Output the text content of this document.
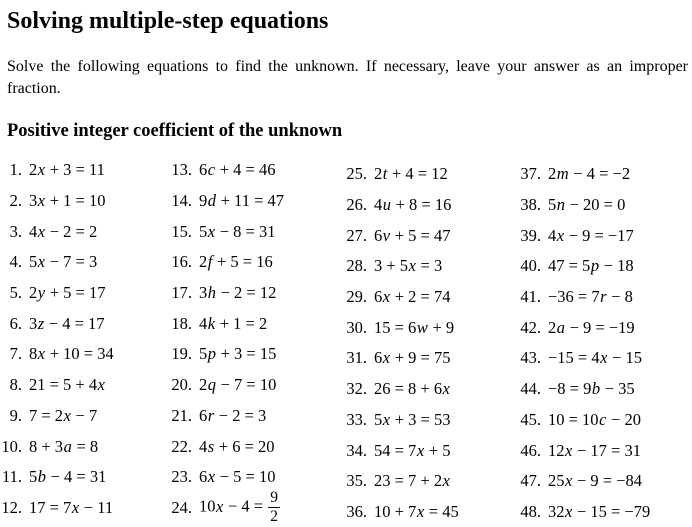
Solving multiple-step equations
Solve the following equations to find the unknown. If necessary, leave your answer as an improper
fraction.
Positive integer coefficient of the unknown
1. 2x + 3 = 11
2. 3x + 1 = 10
3. 4x − 2 = 2
4. 5x − 7 = 3
5. 2y + 5 = 17
6. 3z − 4 = 17
7. 8x + 10 = 34
8. 21 = 5 + 4x
9. 7 = 2x − 7
10. 8 + 3a = 8
11. 5b − 4 = 31
12. 17 = 7x − 11
13. 6c + 4 = 46
14. 9d + 11 = 47
15. 5x − 8 = 31
16. 2f + 5 = 16
17. 3h − 2 = 12
18. 4k + 1 = 2
19. 5p + 3 = 15
20. 2q − 7 = 10
21. 6r − 2 = 3
22. 4s + 6 = 20
23. 6x − 5 = 10
24. $10x - 4 = \frac{9}{2}$
25. 2t + 4 = 12
26. 4u + 8 = 16
27. 6v + 5 = 47
28. 3 + 5x = 3
29. 6x + 2 = 74
30. 15 = 6w + 9
31. 6x + 9 = 75
32. 26 = 8 + 6x
33. 5x + 3 = 53
34. 54 = 7x + 5
35. 23 = 7 + 2x
36. 10 + 7x = 45
37. 2m − 4 = −2
38. 5n − 20 = 0
39. 4x − 9 = −17
40. 47 = 5p − 18
41. −36 = 7r − 8
42. 2a − 9 = −19
43. −15 = 4x − 15
44. −8 = 9b − 35
45. 10 = 10c − 20
46. 12x − 17 = 31
47. 25x − 9 = −84
48. 32x − 15 = −79
